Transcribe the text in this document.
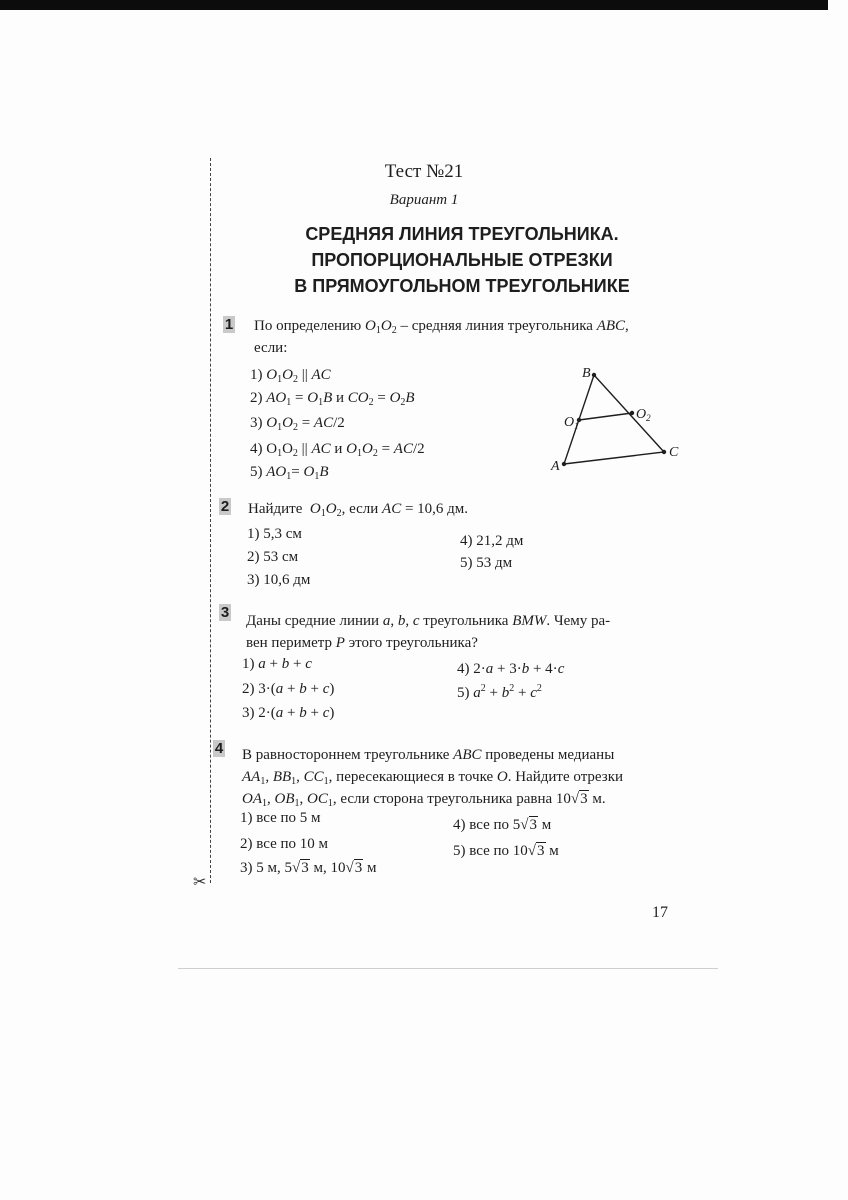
✂
Тест №21
Вариант 1
СРЕДНЯЯ ЛИНИЯ ТРЕУГОЛЬНИКА.
ПРОПОРЦИОНАЛЬНЫЕ ОТРЕЗКИ
В ПРЯМОУГОЛЬНОМ ТРЕУГОЛЬНИКЕ
1 По определению $O_1O_2$ – средняя линия треугольника ABC,
если:
1) $O_1O_2$ || AC
2) $AO_1 = O_1B$ и $CO_2 = O_2B$
3) $O_1O_2 = AC/2$
4) $O_1O_2$ || AC и $O_1O_2 = AC/2$
5) $AO_1= O_1B$
B
$O_1$
$O_2$
A
C
2 Найдите  $O_1O_2$, если AC = 10,6 дм.
1) 5,3 см
2) 53 см
3) 10,6 дм
4) 21,2 дм
5) 53 дм
3 Даны средние линии a, b, c треугольника BMW. Чему ра-
вен периметр P этого треугольника?
1) a + b + c
2) 3·(a + b + c)
3) 2·(a + b + c)
4) 2·a + 3·b + 4·c
5) $a^2 + b^2 + c^2$
4 В равностороннем треугольнике ABC проведены медианы
$AA_1$, $BB_1$, $CC_1$, пересекающиеся в точке O. Найдите отрезки
$OA_1$, $OB_1$, $OC_1$, если сторона треугольника равна 10√3 м.
1) все по 5 м
2) все по 10 м
3) 5 м, 5√3 м, 10√3 м
4) все по 5√3 м
5) все по 10√3 м
17
